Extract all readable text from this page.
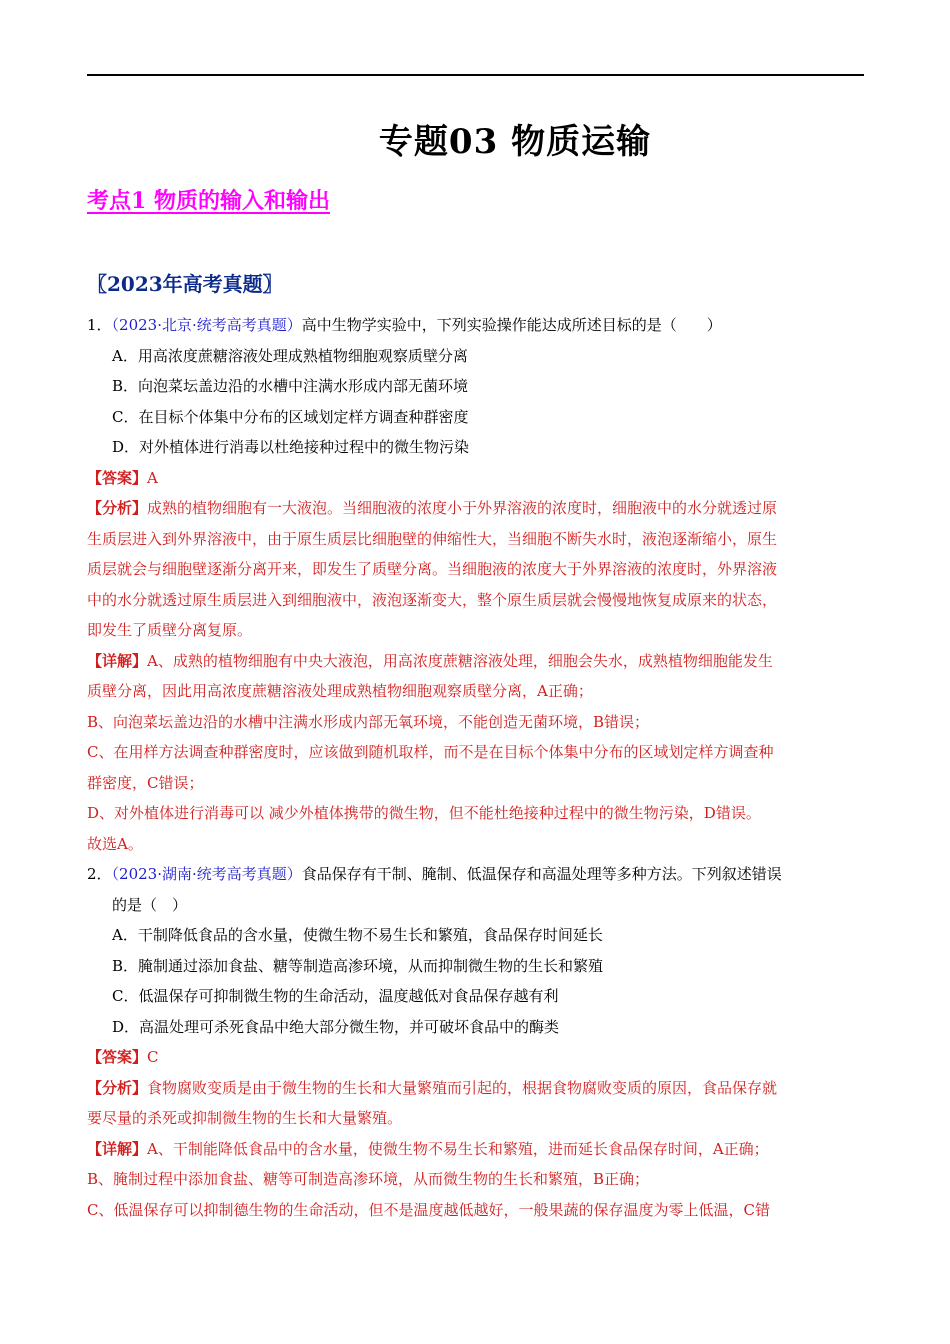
专题03 物质运输
考点1 物质的输入和输出
〖2023年高考真题〗

1．（2023·北京·统考高考真题）高中生物学实验中，下列实验操作能达成所述目标的是（　　）

A．用高浓度蔗糖溶液处理成熟植物细胞观察质壁分离

B．向泡菜坛盖边沿的水槽中注满水形成内部无菌环境

C．在目标个体集中分布的区域划定样方调查种群密度

D．对外植体进行消毒以杜绝接种过程中的微生物污染

【答案】A

【分析】成熟的植物细胞有一大液泡。当细胞液的浓度小于外界溶液的浓度时，细胞液中的水分就透过原

生质层进入到外界溶液中，由于原生质层比细胞壁的伸缩性大，当细胞不断失水时，液泡逐渐缩小，原生

质层就会与细胞壁逐渐分离开来，即发生了质壁分离。当细胞液的浓度大于外界溶液的浓度时，外界溶液

中的水分就透过原生质层进入到细胞液中，液泡逐渐变大，整个原生质层就会慢慢地恢复成原来的状态，

即发生了质壁分离复原。

【详解】A、成熟的植物细胞有中央大液泡，用高浓度蔗糖溶液处理，细胞会失水，成熟植物细胞能发生

质壁分离，因此用高浓度蔗糖溶液处理成熟植物细胞观察质壁分离，A正确；

B、向泡菜坛盖边沿的水槽中注满水形成内部无氧环境，不能创造无菌环境，B错误；

C、在用样方法调查种群密度时，应该做到随机取样，而不是在目标个体集中分布的区域划定样方调查种

群密度，C错误；

D、对外植体进行消毒可以 减少外植体携带的微生物，但不能杜绝接种过程中的微生物污染，D错误。

故选A。

2．（2023·湖南·统考高考真题）食品保存有干制、腌制、低温保存和高温处理等多种方法。下列叙述错误

的是（　）

A．干制降低食品的含水量，使微生物不易生长和繁殖，食品保存时间延长

B．腌制通过添加食盐、糖等制造高渗环境，从而抑制微生物的生长和繁殖

C．低温保存可抑制微生物的生命活动，温度越低对食品保存越有利

D．高温处理可杀死食品中绝大部分微生物，并可破坏食品中的酶类

【答案】C

【分析】食物腐败变质是由于微生物的生长和大量繁殖而引起的，根据食物腐败变质的原因，食品保存就

要尽量的杀死或抑制微生物的生长和大量繁殖。

【详解】A、干制能降低食品中的含水量，使微生物不易生长和繁殖，进而延长食品保存时间，A正确；

B、腌制过程中添加食盐、糖等可制造高渗环境，从而微生物的生长和繁殖，B正确；

C、低温保存可以抑制德生物的生命活动，但不是温度越低越好，一般果蔬的保存温度为零上低温，C错
